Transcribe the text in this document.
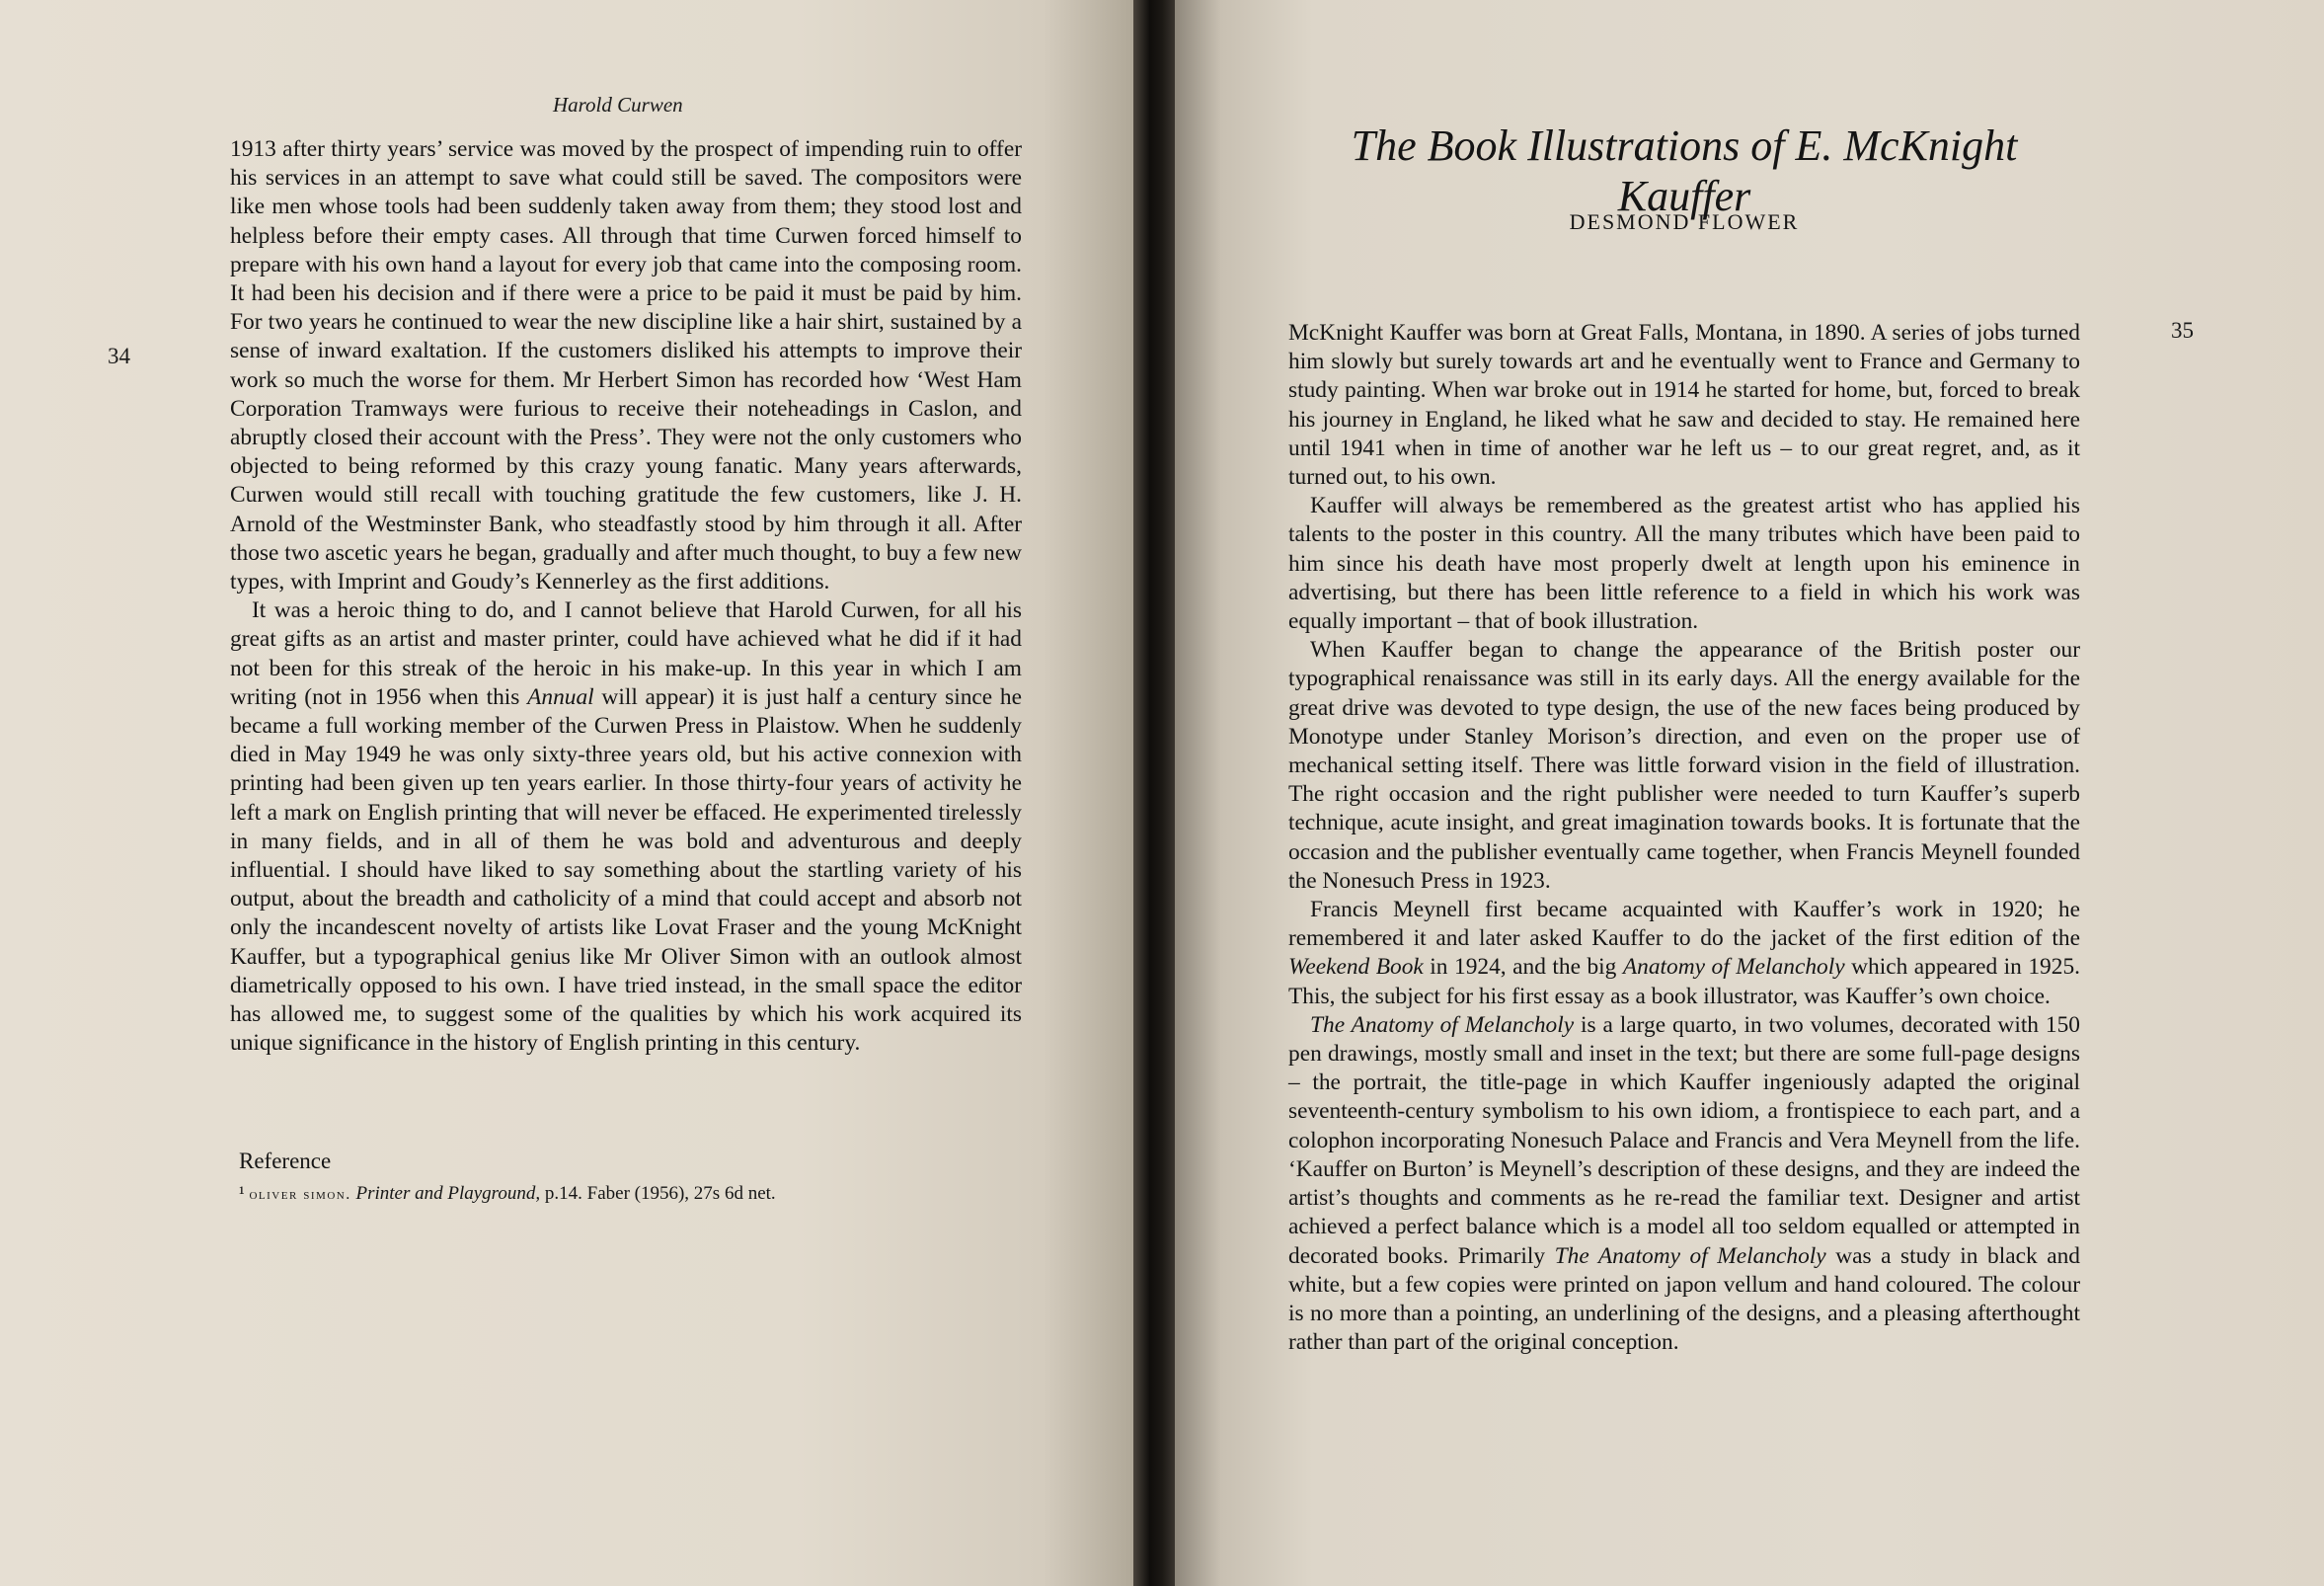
Harold Curwen
34

1913 after thirty years’ service was moved by the prospect of impending ruin to offer his services in an attempt to save what could still be saved. The compositors were like men whose tools had been suddenly taken away from them; they stood lost and helpless before their empty cases. All through that time Curwen forced himself to prepare with his own hand a layout for every job that came into the composing room. It had been his decision and if there were a price to be paid it must be paid by him. For two years he continued to wear the new discipline like a hair shirt, sustained by a sense of inward exaltation. If the customers disliked his attempts to improve their work so much the worse for them. Mr Herbert Simon has recorded how ‘West Ham Corporation Tramways were furious to receive their noteheadings in Caslon, and abruptly closed their account with the Press’. They were not the only customers who objected to being reformed by this crazy young fanatic. Many years afterwards, Curwen would still recall with touching gratitude the few customers, like J. H. Arnold of the Westminster Bank, who steadfastly stood by him through it all. After those two ascetic years he began, gradually and after much thought, to buy a few new types, with Imprint and Goudy’s Kennerley as the first additions.

It was a heroic thing to do, and I cannot believe that Harold Curwen, for all his great gifts as an artist and master printer, could have achieved what he did if it had not been for this streak of the heroic in his make-up. In this year in which I am writing (not in 1956 when this Annual will appear) it is just half a century since he became a full working member of the Curwen Press in Plaistow. When he suddenly died in May 1949 he was only sixty-three years old, but his active connexion with printing had been given up ten years earlier. In those thirty-four years of activity he left a mark on English printing that will never be effaced. He experimented tirelessly in many fields, and in all of them he was bold and adventurous and deeply influential. I should have liked to say something about the startling variety of his output, about the breadth and catholicity of a mind that could accept and absorb not only the incandescent novelty of artists like Lovat Fraser and the young McKnight Kauffer, but a typographical genius like Mr Oliver Simon with an outlook almost diametrically opposed to his own. I have tried instead, in the small space the editor has allowed me, to suggest some of the qualities by which his work acquired its unique significance in the history of English printing in this century.

Reference
¹ oliver simon. Printer and Playground, p.14. Faber (1956), 27s 6d net.
The Book Illustrations of E. McKnight Kauffer
DESMOND FLOWER
35

McKnight Kauffer was born at Great Falls, Montana, in 1890. A series of jobs turned him slowly but surely towards art and he eventually went to France and Germany to study painting. When war broke out in 1914 he started for home, but, forced to break his journey in England, he liked what he saw and decided to stay. He remained here until 1941 when in time of another war he left us – to our great regret, and, as it turned out, to his own.

Kauffer will always be remembered as the greatest artist who has applied his talents to the poster in this country. All the many tributes which have been paid to him since his death have most properly dwelt at length upon his eminence in advertising, but there has been little reference to a field in which his work was equally important – that of book illustration.

When Kauffer began to change the appearance of the British poster our typographical renaissance was still in its early days. All the energy available for the great drive was devoted to type design, the use of the new faces being produced by Monotype under Stanley Morison’s direction, and even on the proper use of mechanical setting itself. There was little forward vision in the field of illustration. The right occasion and the right publisher were needed to turn Kauffer’s superb technique, acute insight, and great imagination towards books. It is fortunate that the occasion and the publisher eventually came together, when Francis Meynell founded the Nonesuch Press in 1923.

Francis Meynell first became acquainted with Kauffer’s work in 1920; he remembered it and later asked Kauffer to do the jacket of the first edition of the Weekend Book in 1924, and the big Anatomy of Melancholy which appeared in 1925. This, the subject for his first essay as a book illustrator, was Kauffer’s own choice.

The Anatomy of Melancholy is a large quarto, in two volumes, decorated with 150 pen drawings, mostly small and inset in the text; but there are some full-page designs – the portrait, the title-page in which Kauffer ingeniously adapted the original seventeenth-century symbolism to his own idiom, a frontispiece to each part, and a colophon incorporating Nonesuch Palace and Francis and Vera Meynell from the life. ‘Kauffer on Burton’ is Meynell’s description of these designs, and they are indeed the artist’s thoughts and comments as he re-read the familiar text. Designer and artist achieved a perfect balance which is a model all too seldom equalled or attempted in decorated books. Primarily The Anatomy of Melancholy was a study in black and white, but a few copies were printed on japon vellum and hand coloured. The colour is no more than a pointing, an underlining of the designs, and a pleasing afterthought rather than part of the original conception.
